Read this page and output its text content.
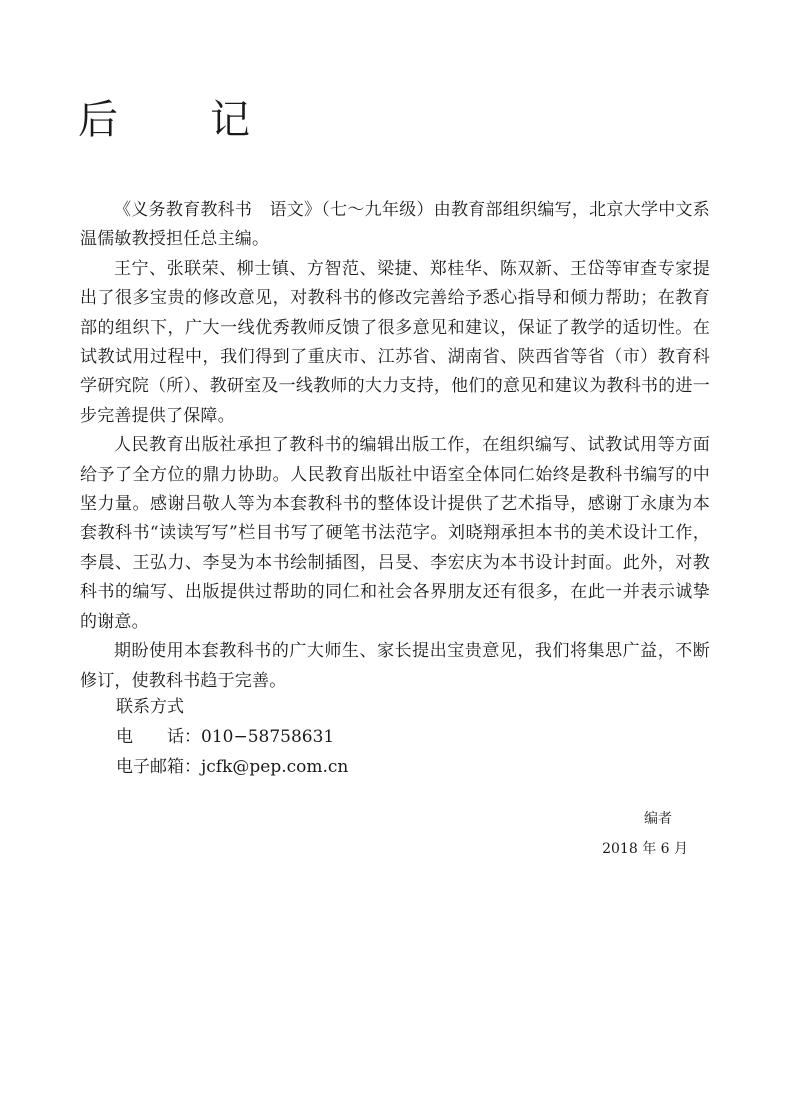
后　记

《义务教育教科书　语文》（七～九年级）由教育部组织编写，北京大学中文系温儒敏教授担任总主编。

王宁、张联荣、柳士镇、方智范、梁捷、郑桂华、陈双新、王岱等审查专家提出了很多宝贵的修改意见，对教科书的修改完善给予悉心指导和倾力帮助；在教育部的组织下，广大一线优秀教师反馈了很多意见和建议，保证了教学的适切性。在试教试用过程中，我们得到了重庆市、江苏省、湖南省、陕西省等省（市）教育科学研究院（所）、教研室及一线教师的大力支持，他们的意见和建议为教科书的进一步完善提供了保障。

人民教育出版社承担了教科书的编辑出版工作，在组织编写、试教试用等方面给予了全方位的鼎力协助。人民教育出版社中语室全体同仁始终是教科书编写的中坚力量。感谢吕敬人等为本套教科书的整体设计提供了艺术指导，感谢丁永康为本套教科书“读读写写”栏目书写了硬笔书法范字。刘晓翔承担本书的美术设计工作，李晨、王弘力、李旻为本书绘制插图，吕旻、李宏庆为本书设计封面。此外，对教科书的编写、出版提供过帮助的同仁和社会各界朋友还有很多，在此一并表示诚挚的谢意。

期盼使用本套教科书的广大师生、家长提出宝贵意见，我们将集思广益，不断修订，使教科书趋于完善。

联系方式
电　　话：010−58758631
电子邮箱：jcfk@pep.com.cn
编者
2018 年 6 月
